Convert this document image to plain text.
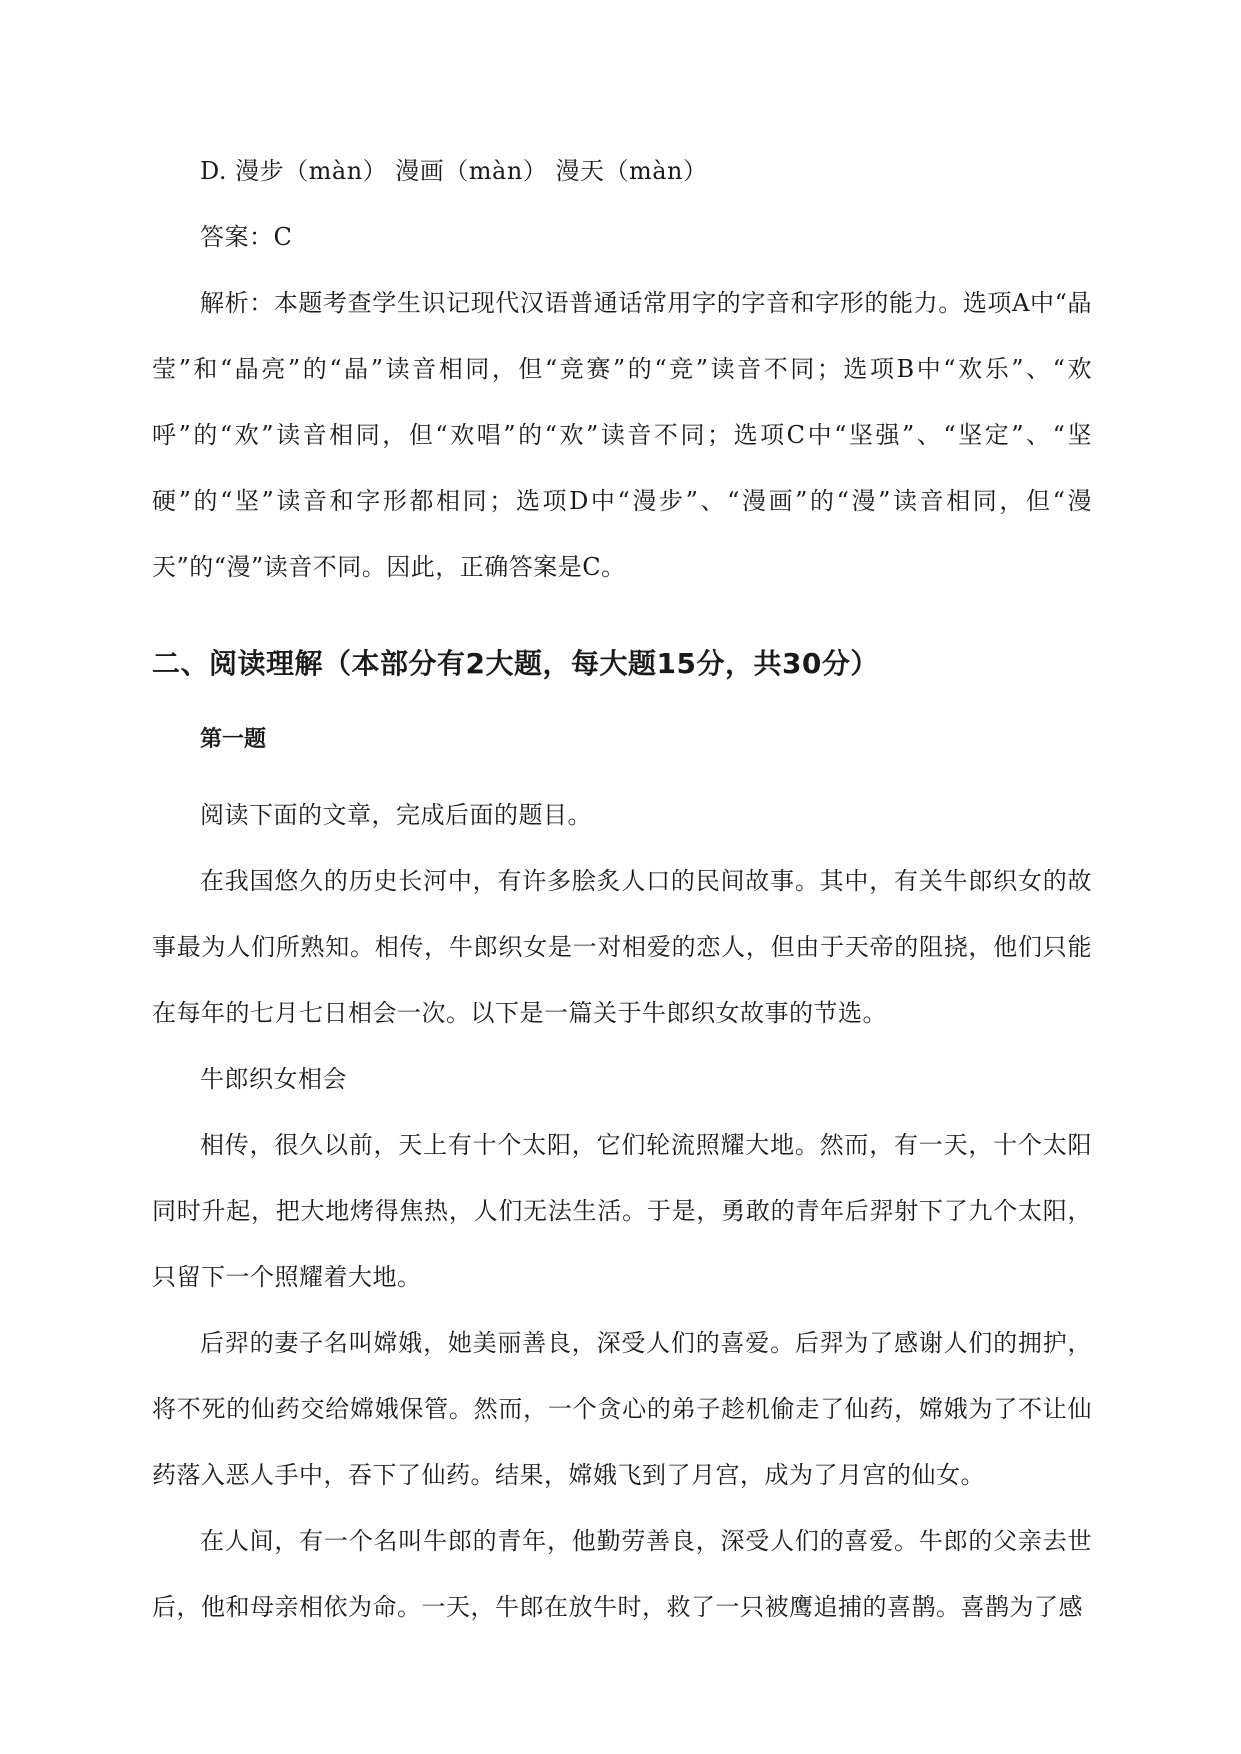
D. 漫步（màn） 漫画（màn） 漫天（màn）

答案：C

解析：本题考查学生识记现代汉语普通话常用字的字音和字形的能力。选项A中“晶莹”和“晶亮”的“晶”读音相同，但“竞赛”的“竞”读音不同；选项B中“欢乐”、“欢呼”的“欢”读音相同，但“欢唱”的“欢”读音不同；选项C中“坚强”、“坚定”、“坚硬”的“坚”读音和字形都相同；选项D中“漫步”、“漫画”的“漫”读音相同，但“漫天”的“漫”读音不同。因此，正确答案是C。

二、阅读理解（本部分有2大题，每大题15分，共30分）
第一题

阅读下面的文章，完成后面的题目。

在我国悠久的历史长河中，有许多脍炙人口的民间故事。其中，有关牛郎织女的故事最为人们所熟知。相传，牛郎织女是一对相爱的恋人，但由于天帝的阻挠，他们只能在每年的七月七日相会一次。以下是一篇关于牛郎织女故事的节选。

牛郎织女相会

相传，很久以前，天上有十个太阳，它们轮流照耀大地。然而，有一天，十个太阳同时升起，把大地烤得焦热，人们无法生活。于是，勇敢的青年后羿射下了九个太阳，只留下一个照耀着大地。

后羿的妻子名叫嫦娥，她美丽善良，深受人们的喜爱。后羿为了感谢人们的拥护，将不死的仙药交给嫦娥保管。然而，一个贪心的弟子趁机偷走了仙药，嫦娥为了不让仙药落入恶人手中，吞下了仙药。结果，嫦娥飞到了月宫，成为了月宫的仙女。

在人间，有一个名叫牛郎的青年，他勤劳善良，深受人们的喜爱。牛郎的父亲去世后，他和母亲相依为命。一天，牛郎在放牛时，救了一只被鹰追捕的喜鹊。喜鹊为了感
